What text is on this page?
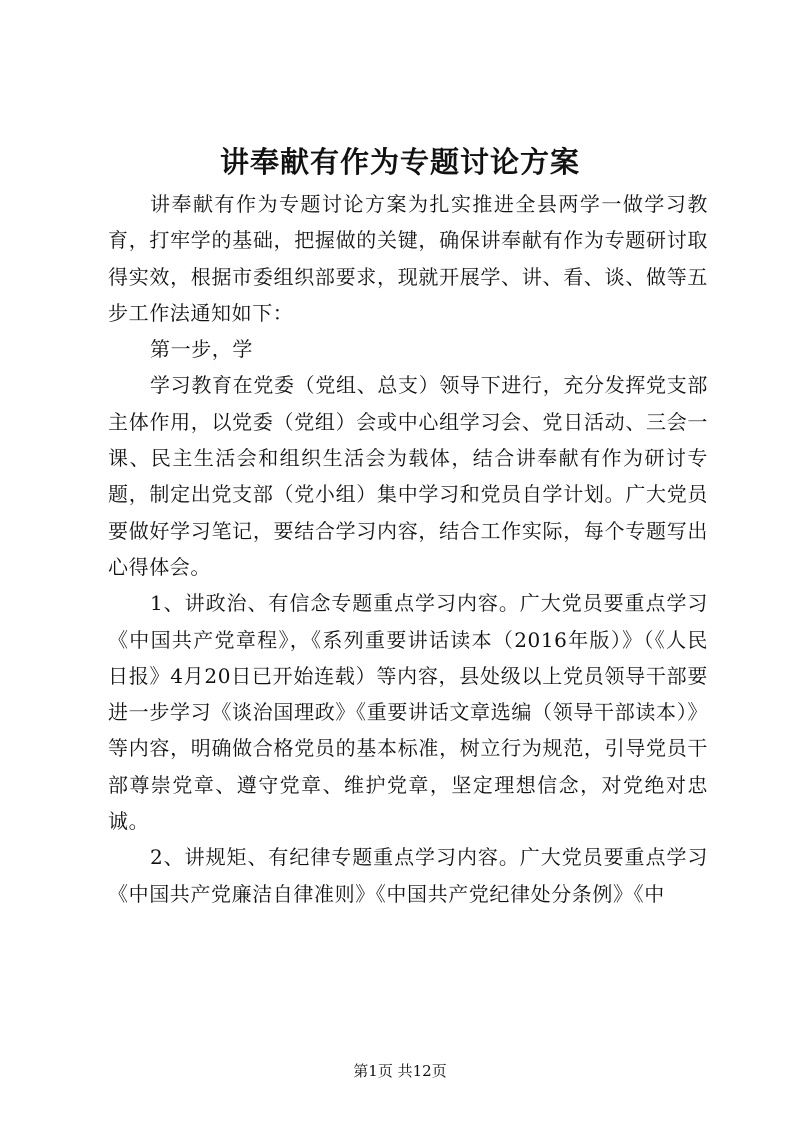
讲奉献有作为专题讨论方案

讲奉献有作为专题讨论方案为扎实推进全县两学一做学习教育，打牢学的基础，把握做的关键，确保讲奉献有作为专题研讨取得实效，根据市委组织部要求，现就开展学、讲、看、谈、做等五步工作法通知如下：

第一步，学

学习教育在党委（党组、总支）领导下进行，充分发挥党支部主体作用，以党委（党组）会或中心组学习会、党日活动、三会一课、民主生活会和组织生活会为载体，结合讲奉献有作为研讨专题，制定出党支部（党小组）集中学习和党员自学计划。广大党员要做好学习笔记，要结合学习内容，结合工作实际，每个专题写出心得体会。

1、讲政治、有信念专题重点学习内容。广大党员要重点学习《中国共产党章程》，《系列重要讲话读本（2016年版）》（《人民日报》4月20日已开始连载）等内容，县处级以上党员领导干部要进一步学习《谈治国理政》《重要讲话文章选编（领导干部读本）》等内容，明确做合格党员的基本标准，树立行为规范，引导党员干部尊崇党章、遵守党章、维护党章，坚定理想信念，对党绝对忠诚。

2、讲规矩、有纪律专题重点学习内容。广大党员要重点学习《中国共产党廉洁自律准则》《中国共产党纪律处分条例》《中

第1页 共12页
